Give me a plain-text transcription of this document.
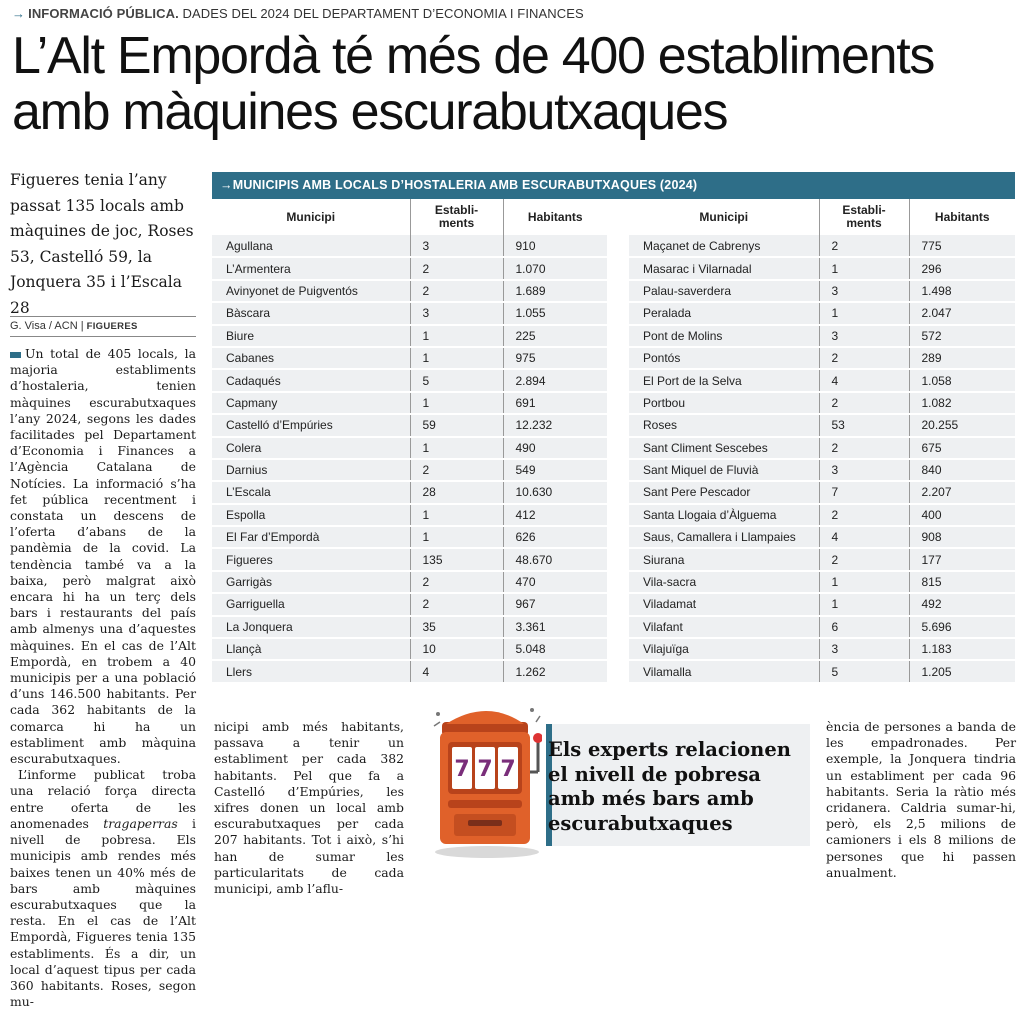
→ INFORMACIÓ PÚBLICA. DADES DEL 2024 DEL DEPARTAMENT D’ECONOMIA I FINANCES
L’Alt Empordà té més de 400 establiments amb màquines escurabutxaques
Figueres tenia l’any passat 135 locals amb màquines de joc, Roses 53, Castelló 59, la Jonquera 35 i l’Escala 28
G. Visa / ACN | FIGUERES

Un total de 405 locals, la majoria establiments d’hostaleria, tenien màquines escurabutxaques l’any 2024, segons les dades facilitades pel Departament d’Economia i Finances a l’Agència Catalana de Notícies. La informació s’ha fet pública recentment i constata un descens de l’oferta d’abans de la pandèmia de la covid. La tendència també va a la baixa, però malgrat això encara hi ha un terç dels bars i restaurants del país amb almenys una d’aquestes màquines. En el cas de l’Alt Empordà, en trobem a 40 municipis per a una població d’uns 146.500 habitants. Per cada 362 habitants de la comarca hi ha un establiment amb màquina escurabutxaques.

L’informe publicat troba una relació força directa entre oferta de les anomenades tragaperras i nivell de pobresa. Els municipis amb rendes més baixes tenen un 40% més de bars amb màquines escurabutxaques que la resta. En el cas de l’Alt Empordà, Figueres tenia 135 establiments. És a dir, un local d’aquest tipus per cada 360 habitants. Roses, segon mu-

nicipi amb més habitants, passava a tenir un establiment per cada 382 habitants. Pel que fa a Castelló d’Empúries, les xifres donen un local amb escurabutxaques per cada 207 habitants. Tot i això, s’hi han de sumar les particularitats de cada municipi, amb l’aflu-

ència de persones a banda de les empadronades. Per exemple, la Jonquera tindria un establiment per cada 96 habitants. Seria la ràtio més cridanera. Caldria sumar-hi, però, els 2,5 milions de camioners i els 8 milions de persones que hi passen anualment.

→MUNICIPIS AMB LOCALS D’HOSTALERIA AMB ESCURABUTXAQUES (2024)
Municipi	Establi-
ments	Habitants
Agullana	3	910
L’Armentera	2	1.070
Avinyonet de Puigventós	2	1.689
Bàscara	3	1.055
Biure	1	225
Cabanes	1	975
Cadaqués	5	2.894
Capmany	1	691
Castelló d’Empúries	59	12.232
Colera	1	490
Darnius	2	549
L’Escala	28	10.630
Espolla	1	412
El Far d’Empordà	1	626
Figueres	135	48.670
Garrigàs	2	470
Garriguella	2	967
La Jonquera	35	3.361
Llançà	10	5.048
Llers	4	1.262
Municipi	Establi-
ments	Habitants
Maçanet de Cabrenys	2	775
Masarac i Vilarnadal	1	296
Palau-saverdera	3	1.498
Peralada	1	2.047
Pont de Molins	3	572
Pontós	2	289
El Port de la Selva	4	1.058
Portbou	2	1.082
Roses	53	20.255
Sant Climent Sescebes	2	675
Sant Miquel de Fluvià	3	840
Sant Pere Pescador	7	2.207
Santa Llogaia d’Àlguema	2	400
Saus, Camallera i Llampaies	4	908
Siurana	2	177
Vila-sacra	1	815
Viladamat	1	492
Vilafant	6	5.696
Vilajuïga	3	1.183
Vilamalla	5	1.205
7 7 7
Els experts relacionen el nivell de pobresa amb més bars amb escurabutxaques
